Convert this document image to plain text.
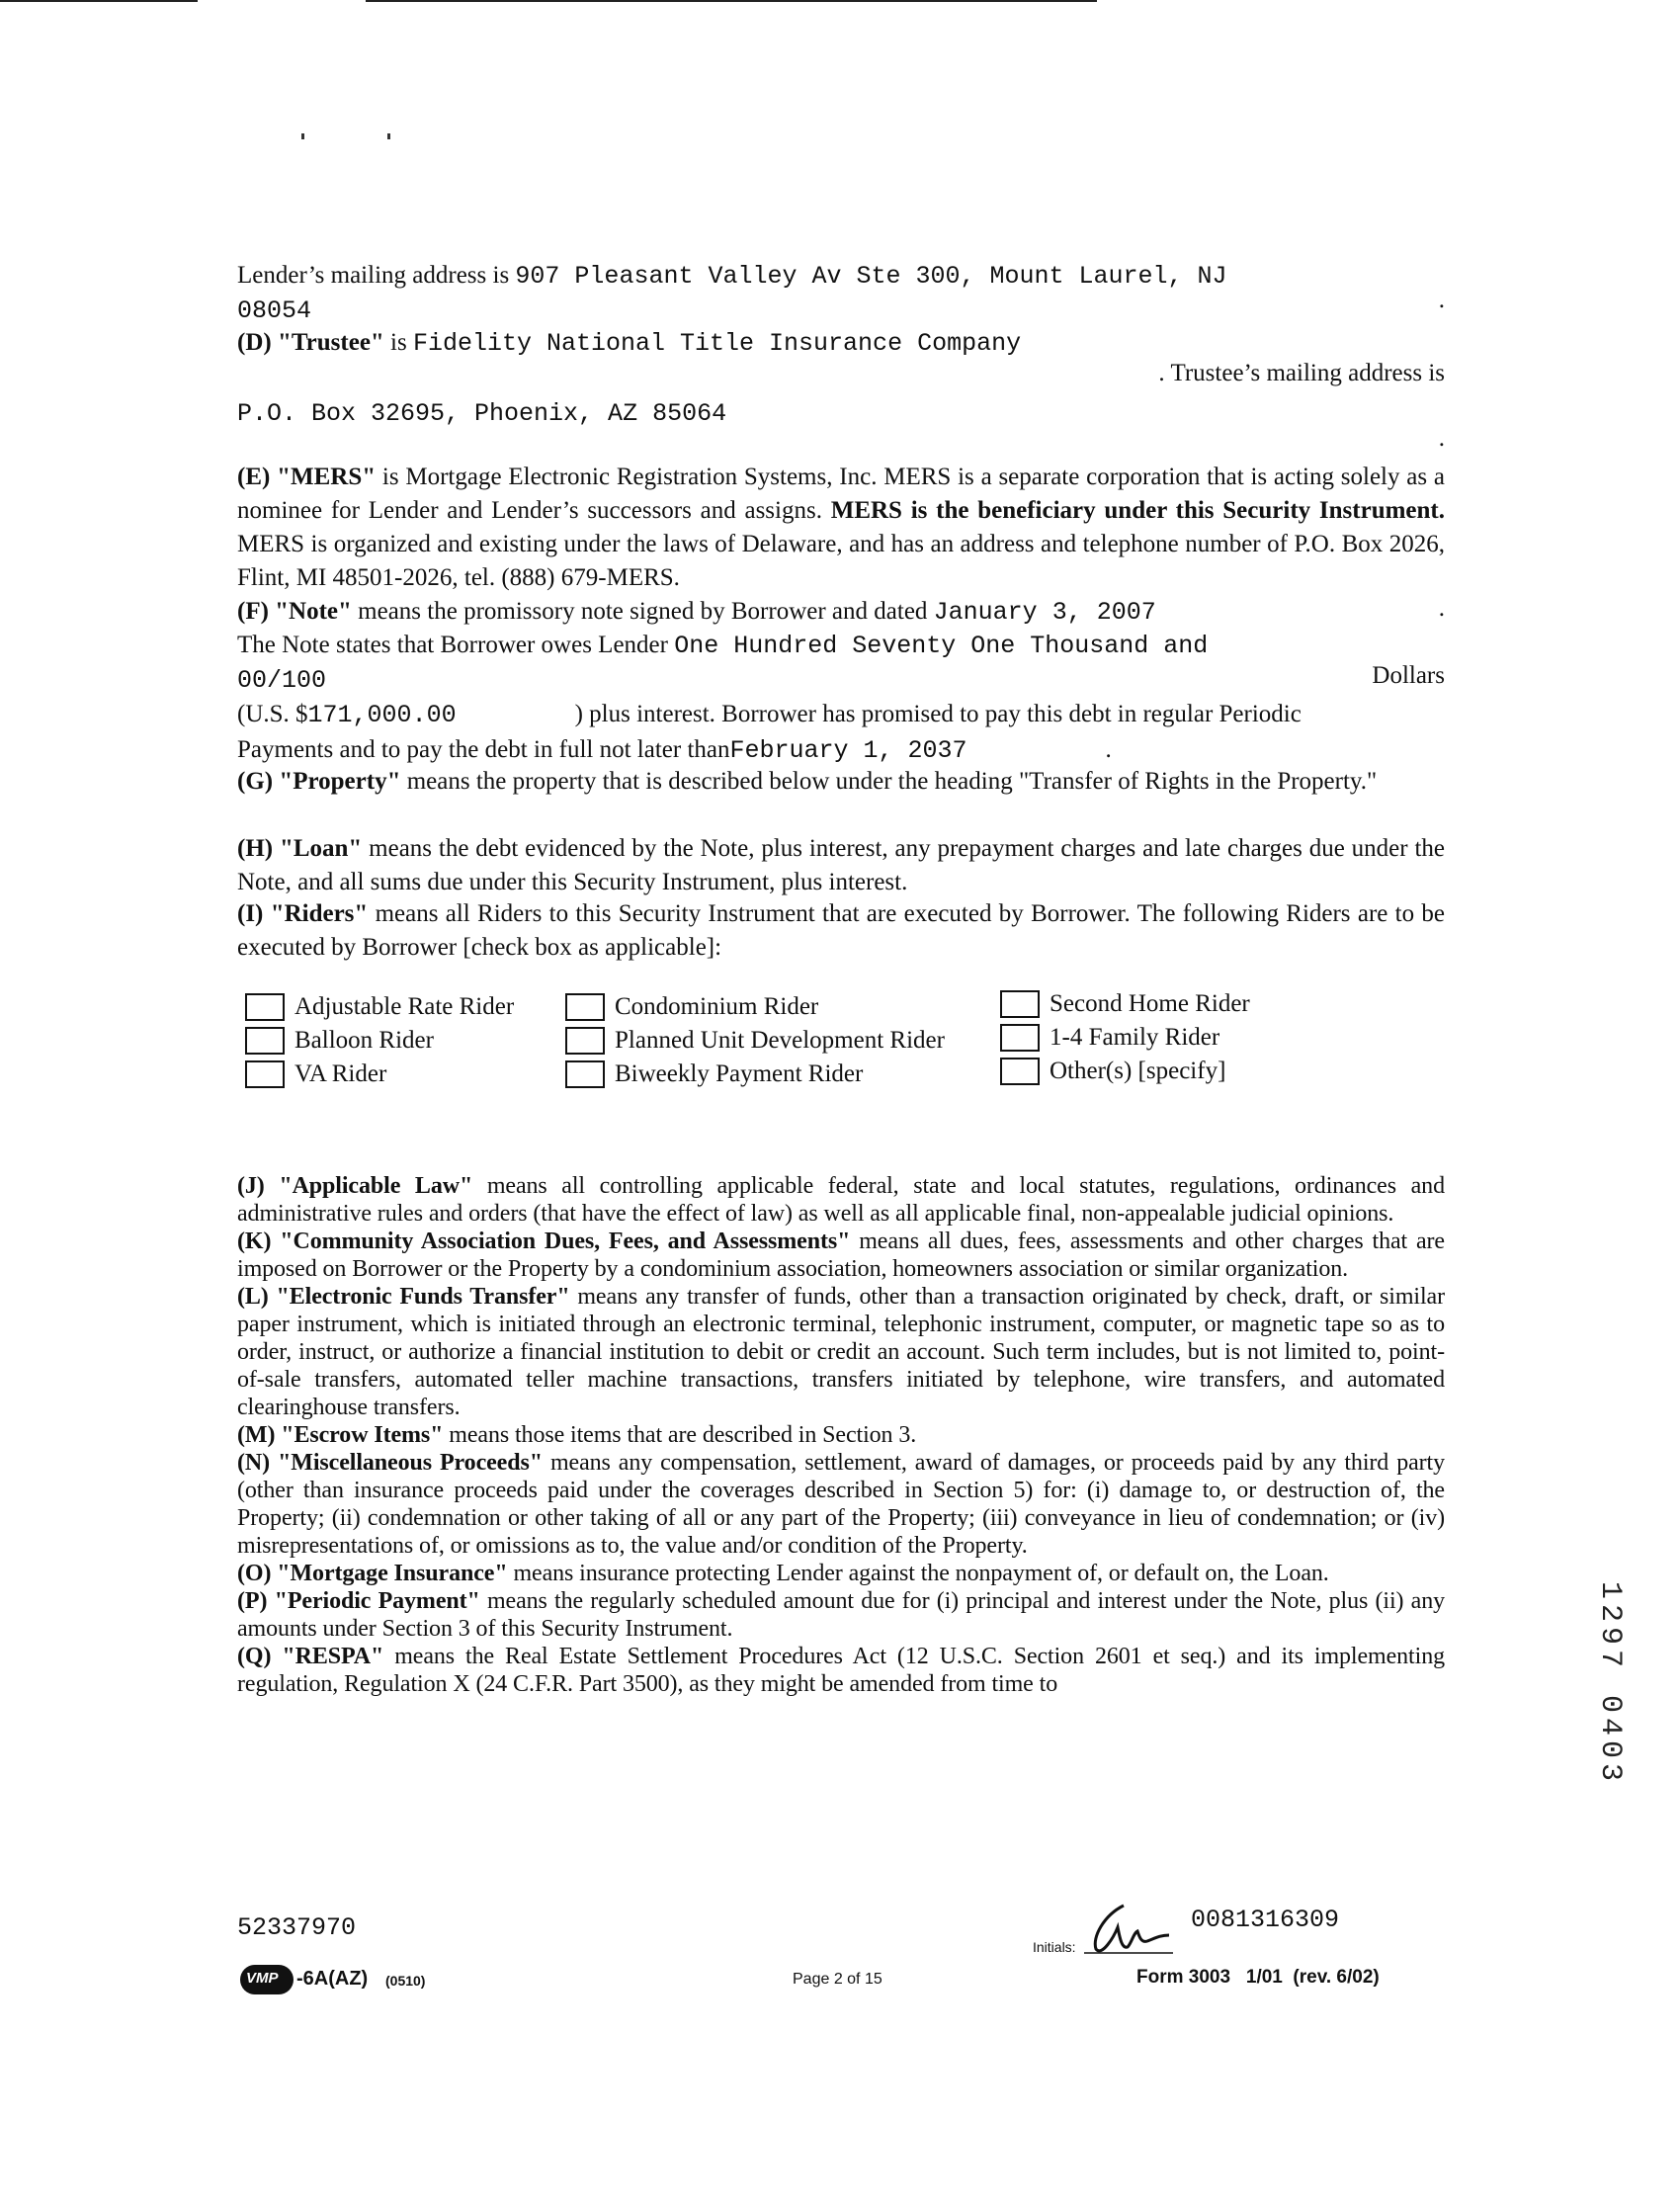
Lender’s mailing address is 907 Pleasant Valley Av Ste 300, Mount Laurel, NJ
08054	.
(D) "Trustee" is Fidelity National Title Insurance Company
. Trustee’s mailing address is
P.O. Box 32695, Phoenix, AZ 85064
.
(E) "MERS" is Mortgage Electronic Registration Systems, Inc. MERS is a separate corporation that is acting solely as a nominee for Lender and Lender’s successors and assigns. MERS is the beneficiary under this Security Instrument. MERS is organized and existing under the laws of Delaware, and has an address and telephone number of P.O. Box 2026, Flint, MI 48501-2026, tel. (888) 679-MERS.
(F) "Note" means the promissory note signed by Borrower and dated January 3, 2007	.
The Note states that Borrower owes Lender One Hundred Seventy One Thousand and
Dollars
00/100
(U.S. $171,000.00	) plus interest. Borrower has promised to pay this debt in regular Periodic
Payments and to pay the debt in full not later thanFebruary 1, 2037	.
(G) "Property" means the property that is described below under the heading "Transfer of Rights in the Property."
(H) "Loan" means the debt evidenced by the Note, plus interest, any prepayment charges and late charges due under the Note, and all sums due under this Security Instrument, plus interest.
(I) "Riders" means all Riders to this Security Instrument that are executed by Borrower. The following Riders are to be executed by Borrower [check box as applicable]:
Adjustable Rate Rider	Condominium Rider	Second Home Rider
Balloon Rider	Planned Unit Development Rider	1-4 Family Rider
VA Rider	Biweekly Payment Rider	Other(s) [specify]

(J) "Applicable Law" means all controlling applicable federal, state and local statutes, regulations, ordinances and administrative rules and orders (that have the effect of law) as well as all applicable final, non-appealable judicial opinions.

(K) "Community Association Dues, Fees, and Assessments" means all dues, fees, assessments and other charges that are imposed on Borrower or the Property by a condominium association, homeowners association or similar organization.

(L) "Electronic Funds Transfer" means any transfer of funds, other than a transaction originated by check, draft, or similar paper instrument, which is initiated through an electronic terminal, telephonic instrument, computer, or magnetic tape so as to order, instruct, or authorize a financial institution to debit or credit an account. Such term includes, but is not limited to, point-of-sale transfers, automated teller machine transactions, transfers initiated by telephone, wire transfers, and automated clearinghouse transfers.

(M) "Escrow Items" means those items that are described in Section 3.

(N) "Miscellaneous Proceeds" means any compensation, settlement, award of damages, or proceeds paid by any third party (other than insurance proceeds paid under the coverages described in Section 5) for: (i) damage to, or destruction of, the Property; (ii) condemnation or other taking of all or any part of the Property; (iii) conveyance in lieu of condemnation; or (iv) misrepresentations of, or omissions as to, the value and/or condition of the Property.

(O) "Mortgage Insurance" means insurance protecting Lender against the nonpayment of, or default on, the Loan.

(P) "Periodic Payment" means the regularly scheduled amount due for (i) principal and interest under the Note, plus (ii) any amounts under Section 3 of this Security Instrument.

(Q) "RESPA" means the Real Estate Settlement Procedures Act (12 U.S.C. Section 2601 et seq.) and its implementing regulation, Regulation X (24 C.F.R. Part 3500), as they might be amended from time to	1297 0403
52337970
Initials:
0081316309
VMP -6A(AZ) (0510)	Page 2 of 15	Form 3003   1/01  (rev. 6/02)
